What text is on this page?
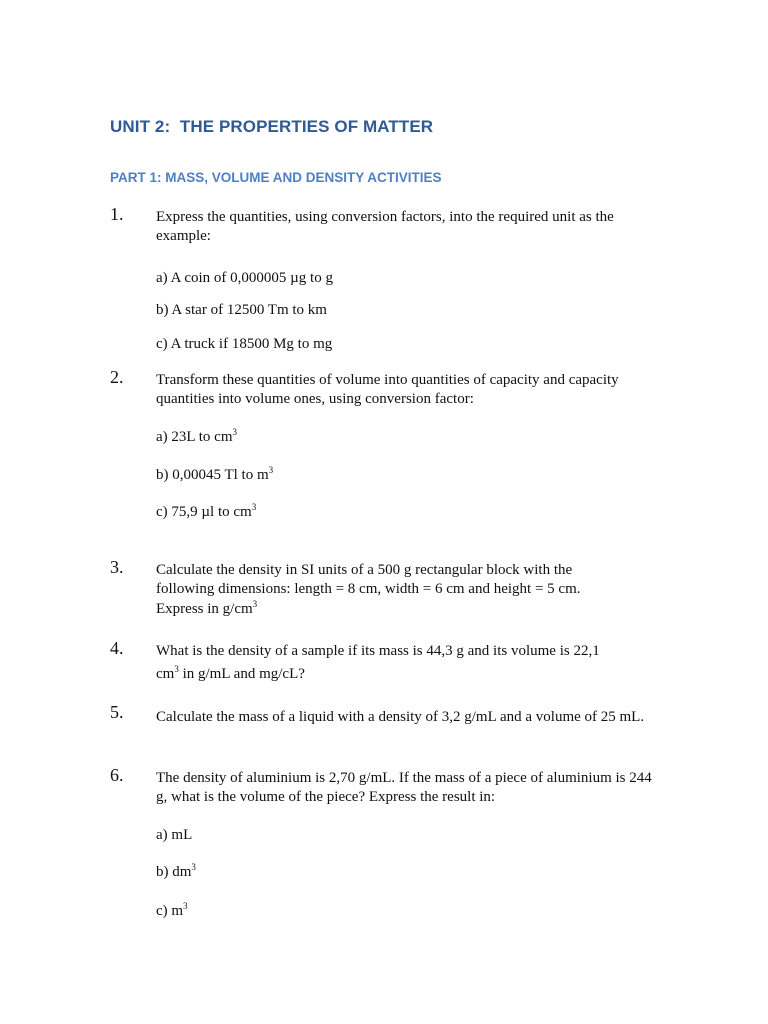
UNIT 2:  THE PROPERTIES OF MATTER
PART 1: MASS, VOLUME AND DENSITY ACTIVITIES
1. Express the quantities, using conversion factors, into the required unit as the example:
a) A coin of 0,000005 µg to g
b) A star of 12500 Tm to km
c) A truck if 18500 Mg to mg
2. Transform these quantities of volume into quantities of capacity and capacity quantities into volume ones, using conversion factor:
a) 23L to $cm^3$
b) 0,00045 Tl to $m^3$
c) 75,9 µl to $cm^3$
3. Calculate the density in SI units of a 500 g rectangular block with the
following dimensions: length = 8 cm, width = 6 cm and height = 5 cm.
Express in $g/cm^3$
4. What is the density of a sample if its mass is 44,3 g and its volume is 22,1
$cm^3$ in g/mL and mg/cL?
5. Calculate the mass of a liquid with a density of 3,2 g/mL and a volume of 25 mL.
6. The density of aluminium is 2,70 g/mL. If the mass of a piece of aluminium is 244 g, what is the volume of the piece? Express the result in:
a) mL
b) $dm^3$
c) $m^3$
